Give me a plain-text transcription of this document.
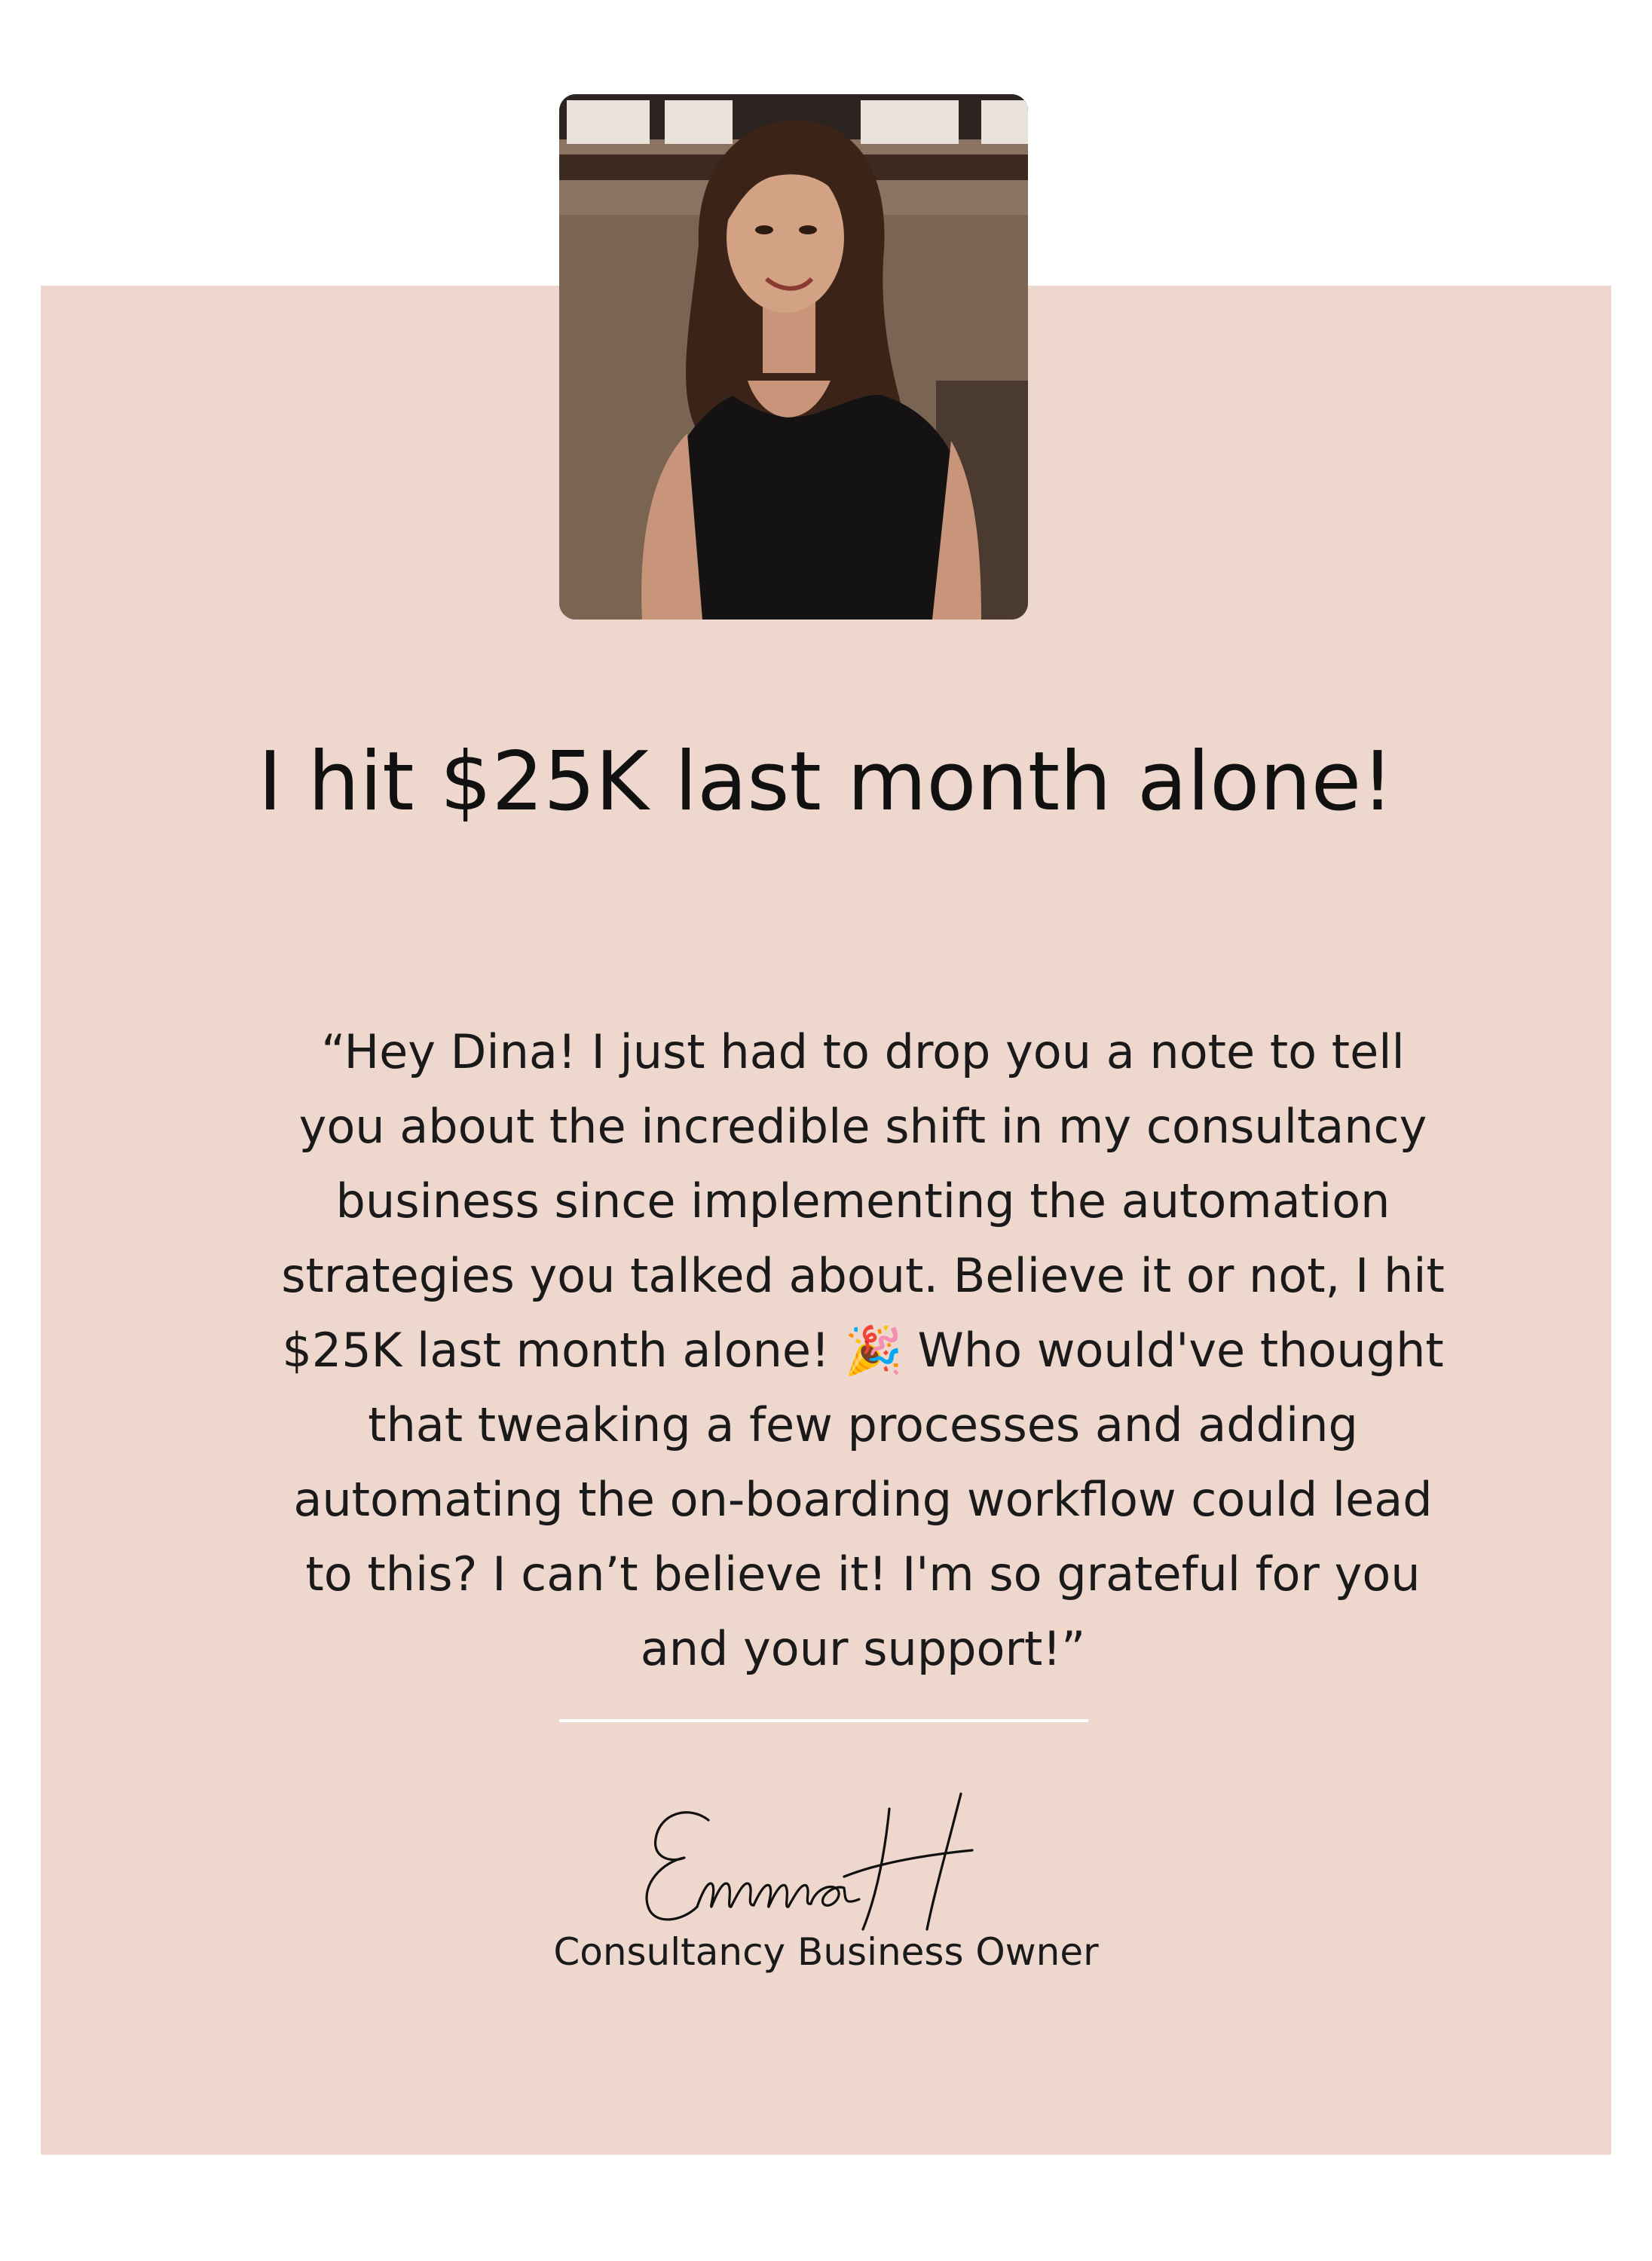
I hit $25K last month alone!

“Hey Dina! I just had to drop you a note to tell you about the incredible shift in my consultancy business since implementing the automation strategies you talked about. Believe it or not, I hit $25K last month alone! 🎉 Who would've thought that tweaking a few processes and adding automating the on-boarding workflow could lead to this? I can’t believe it! I'm so grateful for you and your support!”

Consultancy Business Owner
